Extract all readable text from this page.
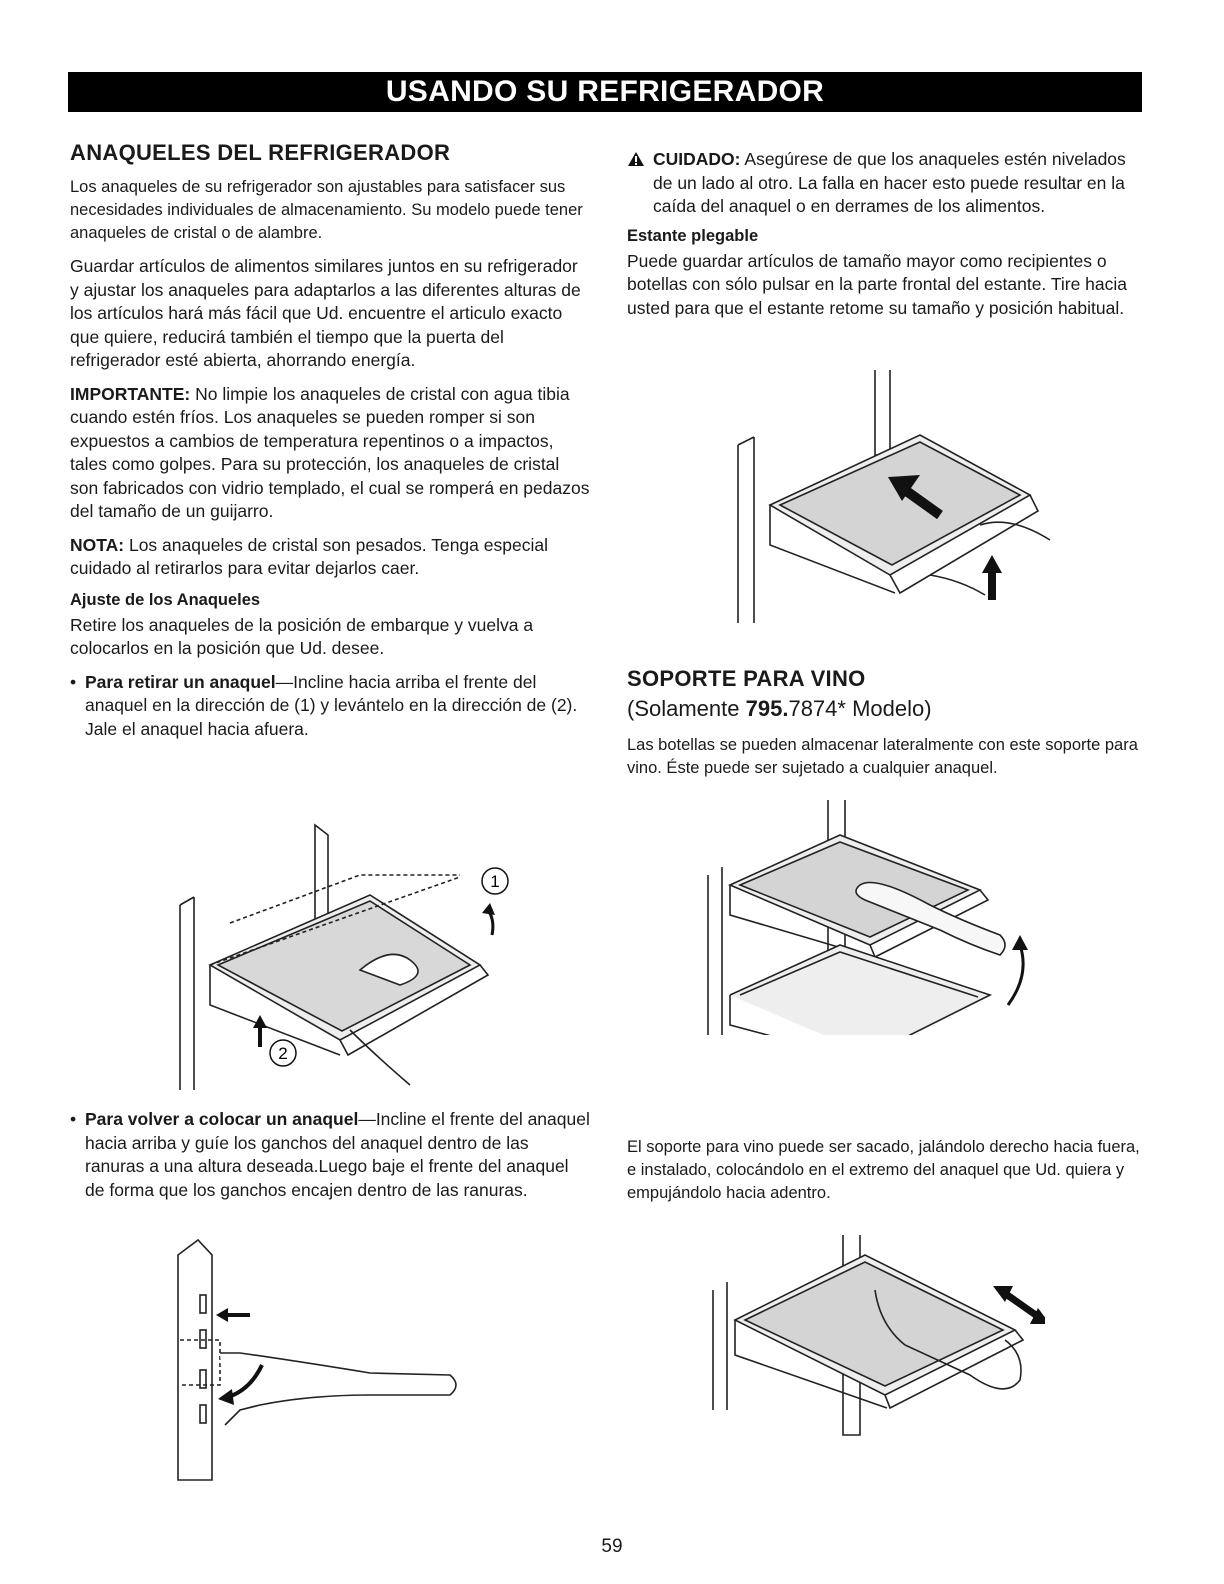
USANDO SU REFRIGERADOR
ANAQUELES DEL REFRIGERADOR

Los anaqueles de su refrigerador son ajustables para satisfacer sus necesidades individuales de almacenamiento. Su modelo puede tener anaqueles de cristal o de alambre.

Guardar artículos de alimentos similares juntos en su refrigerador y ajustar los anaqueles para adaptarlos a las diferentes alturas de los artículos hará más fácil que Ud. encuentre el articulo exacto que quiere, reducirá también el tiempo que la puerta del refrigerador esté abierta, ahorrando energía.

IMPORTANTE: No limpie los anaqueles de cristal con agua tibia cuando estén fríos. Los anaqueles se pueden romper si son expuestos a cambios de temperatura repentinos o a impactos, tales como golpes. Para su protección, los anaqueles de cristal son fabricados con vidrio templado, el cual se romperá en pedazos del tamaño de un guijarro.

NOTA: Los anaqueles de cristal son pesados. Tenga especial cuidado al retirarlos para evitar dejarlos caer.

Ajuste de los Anaqueles

Retire los anaqueles de la posición de embarque y vuelva a colocarlos en la posición que Ud. desee.

• Para retirar un anaquel—Incline hacia arriba el frente del anaquel en la dirección de (1) y levántelo en la dirección de (2). Jale el anaquel hacia afuera.
1
2
• Para volver a colocar un anaquel—Incline el frente del anaquel hacia arriba y guíe los ganchos del anaquel dentro de las ranuras a una altura deseada.Luego baje el frente del anaquel de forma que los ganchos encajen dentro de las ranuras.
CUIDADO: Asegúrese de que los anaqueles estén nivelados de un lado al otro. La falla en hacer esto puede resultar en la caída del anaquel o en derrames de los alimentos.
Estante plegable

Puede guardar artículos de tamaño mayor como recipientes o botellas con sólo pulsar en la parte frontal del estante. Tire hacia usted para que el estante retome su tamaño y posición habitual.

SOPORTE PARA VINO
(Solamente 795.7874* Modelo)

Las botellas se pueden almacenar lateralmente con este soporte para vino. Éste puede ser sujetado a cualquier anaquel.

El soporte para vino puede ser sacado, jalándolo derecho hacia fuera, e instalado, colocándolo en el extremo del anaquel que Ud. quiera y empujándolo hacia adentro.

59
